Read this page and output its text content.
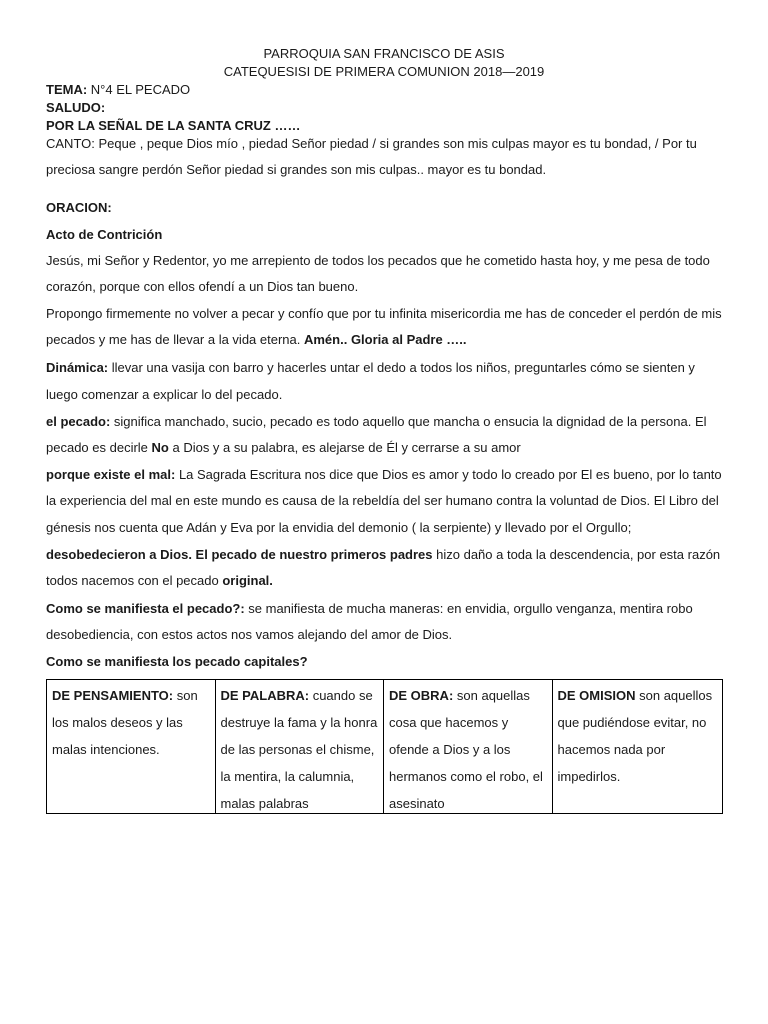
PARROQUIA SAN FRANCISCO DE ASIS
CATEQUESISI DE PRIMERA COMUNION 2018—2019
TEMA: N°4 EL PECADO
SALUDO:
POR LA SEÑAL DE LA SANTA CRUZ ……
CANTO: Peque , peque Dios mío , piedad Señor piedad / si grandes son mis culpas mayor es tu bondad, / Por tu
preciosa sangre perdón Señor piedad si grandes son mis culpas.. mayor es tu bondad.
ORACION:
Acto de Contrición
Jesús, mi Señor y Redentor, yo me arrepiento de todos los pecados que he cometido hasta hoy, y me pesa de todo
corazón, porque con ellos ofendí a un Dios tan bueno.
Propongo firmemente no volver a pecar y confío que por tu infinita misericordia me has de conceder el perdón de mis
pecados y me has de llevar a la vida eterna. Amén.. Gloria al Padre …..
Dinámica: llevar una vasija con barro y hacerles untar el dedo a todos los niños, preguntarles cómo se sienten y
luego comenzar a explicar lo del pecado.
el pecado: significa manchado, sucio, pecado es todo aquello que mancha o ensucia la dignidad de la persona. El
pecado es decirle No a Dios y a su palabra, es alejarse de Él y cerrarse a su amor
porque existe el mal: La Sagrada Escritura nos dice que Dios es amor y todo lo creado por El es bueno, por lo tanto
la experiencia del mal en este mundo es causa de la rebeldía del ser humano contra la voluntad de Dios. El Libro del
génesis nos cuenta que Adán y Eva por la envidia del demonio ( la serpiente) y llevado por el Orgullo;
desobedecieron a Dios. El pecado de nuestro primeros padres hizo daño a toda la descendencia, por esta razón
todos nacemos con el pecado original.
Como se manifiesta el pecado?: se manifiesta de mucha maneras: en envidia, orgullo venganza, mentira robo
desobediencia, con estos actos nos vamos alejando del amor de Dios.
Como se manifiesta los pecado capitales?
DE PENSAMIENTO: son los malos deseos y las malas intenciones.
DE PALABRA: cuando se destruye la fama y la honra de las personas el chisme, la mentira, la calumnia, malas palabras
DE OBRA: son aquellas cosa que hacemos y ofende a Dios y a los hermanos como el robo, el asesinato
DE OMISION son aquellos que pudiéndose evitar, no hacemos nada por impedirlos.
